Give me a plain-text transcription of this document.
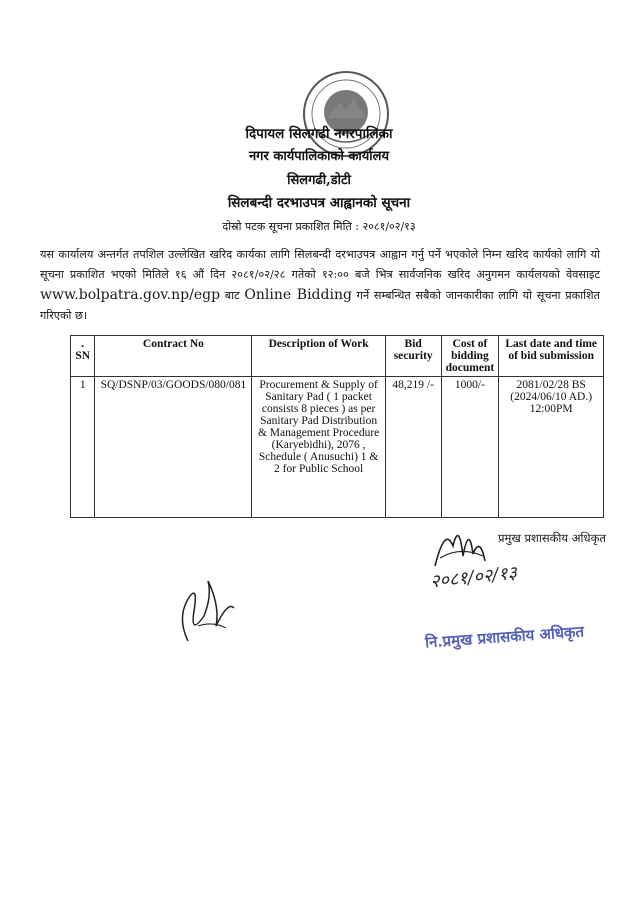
दिपायल सिलगढी नगरपालिका
नगर कार्यपालिकाको कार्यालय
सिलगढी,डोटी
सिलबन्दी दरभाउपत्र आह्वानको सूचना
दोस्रो पटक सूचना प्रकाशित मिति : २०८१/०२/१३
यस कार्यालय अन्तर्गत तपशिल उल्लेखित खरिद कार्यका लागि सिलबन्दी दरभाउपत्र आह्वान गर्नु पर्ने भएकोले निम्न खरिद कार्यको लागि यो सूचना प्रकाशित भएको मितिले १६ औं दिन २०८१/०२/२८ गतेको १२:०० बजे भित्र सार्वजनिक खरिद अनुगमन कार्यलयको वेवसाइट www.bolpatra.gov.np/egp बाट Online Bidding गर्ने सम्बन्धित सबैको जानकारीका लागि यो सूचना प्रकाशित गरिएको छ।
. SN	Contract No	Description of Work	Bid security	Cost of bidding document	Last date and time of bid submission
1	SQ/DSNP/03/GOODS/080/081	Procurement & Supply of Sanitary Pad ( 1 packet consists 8 pieces ) as per Sanitary Pad Distribution & Management Procedure (Karyebidhi), 2076 , Schedule ( Anusuchi) 1 & 2 for Public School	48,219 /-	1000/-	2081/02/28 BS (2024/06/10 AD.) 12:00PM
प्रमुख प्रशासकीय अधिकृत
२०८१/०२/१३
नि.प्रमुख प्रशासकीय अधिकृत
